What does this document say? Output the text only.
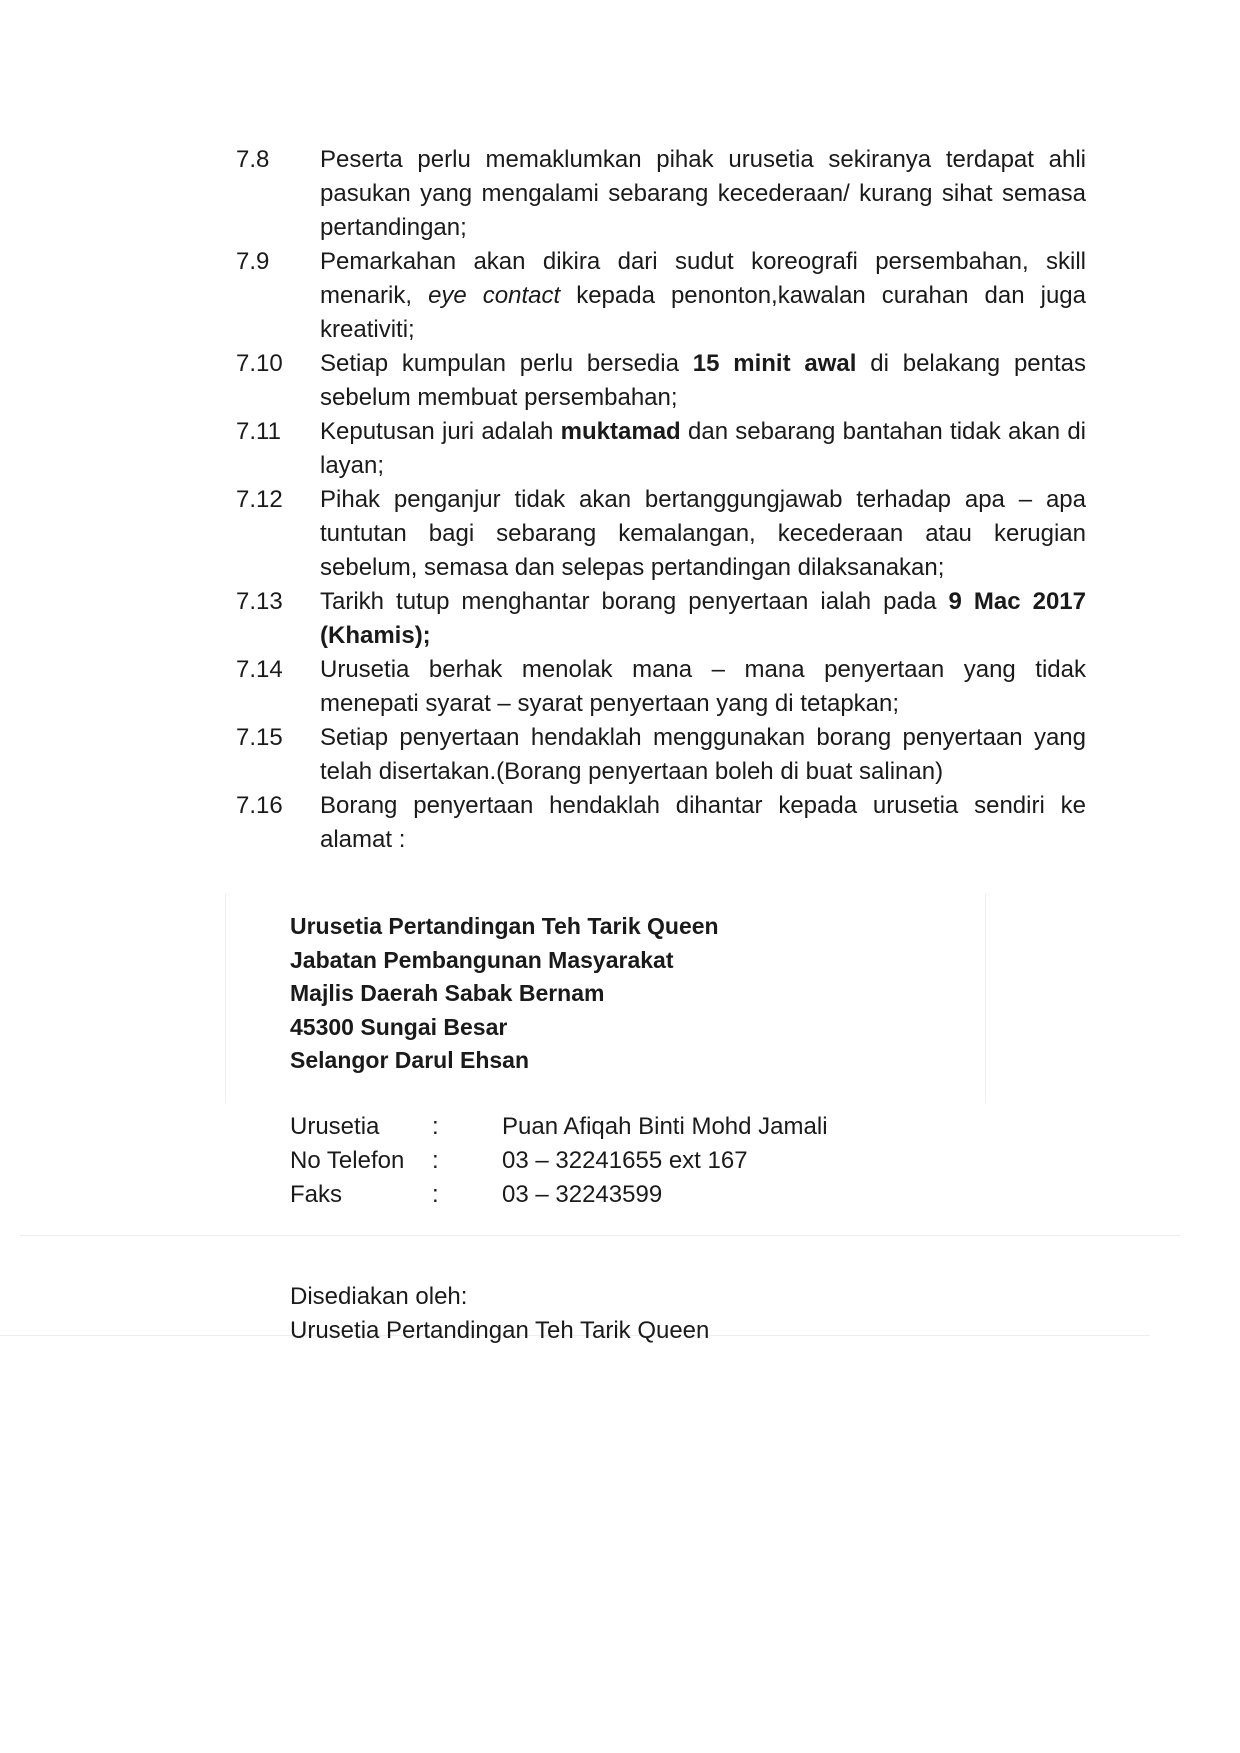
7.8	Peserta perlu memaklumkan pihak urusetia sekiranya terdapat ahli pasukan yang mengalami sebarang kecederaan/ kurang sihat semasa pertandingan;
7.9	Pemarkahan akan dikira dari sudut koreografi persembahan, skill menarik, eye contact kepada penonton,kawalan curahan dan juga kreativiti;
7.10	Setiap kumpulan perlu bersedia 15 minit awal di belakang pentas sebelum membuat persembahan;
7.11	Keputusan juri adalah muktamad dan sebarang bantahan tidak akan di layan;
7.12	Pihak penganjur tidak akan bertanggungjawab terhadap apa – apa tuntutan bagi sebarang kemalangan, kecederaan atau kerugian sebelum, semasa dan selepas pertandingan dilaksanakan;
7.13	Tarikh tutup menghantar borang penyertaan ialah pada 9 Mac 2017 (Khamis);
7.14	Urusetia berhak menolak mana – mana penyertaan yang tidak menepati syarat – syarat penyertaan yang di tetapkan;
7.15	Setiap penyertaan hendaklah menggunakan borang penyertaan yang telah disertakan.(Borang penyertaan boleh di buat salinan)
7.16	Borang penyertaan hendaklah dihantar kepada urusetia sendiri ke alamat :
Urusetia Pertandingan Teh Tarik Queen
Jabatan Pembangunan Masyarakat
Majlis Daerah Sabak Bernam
45300 Sungai Besar
Selangor Darul Ehsan
Urusetia	:	Puan Afiqah Binti Mohd Jamali
No Telefon	:	03 – 32241655 ext 167
Faks	:	03 – 32243599
Disediakan oleh:
Urusetia Pertandingan Teh Tarik Queen
